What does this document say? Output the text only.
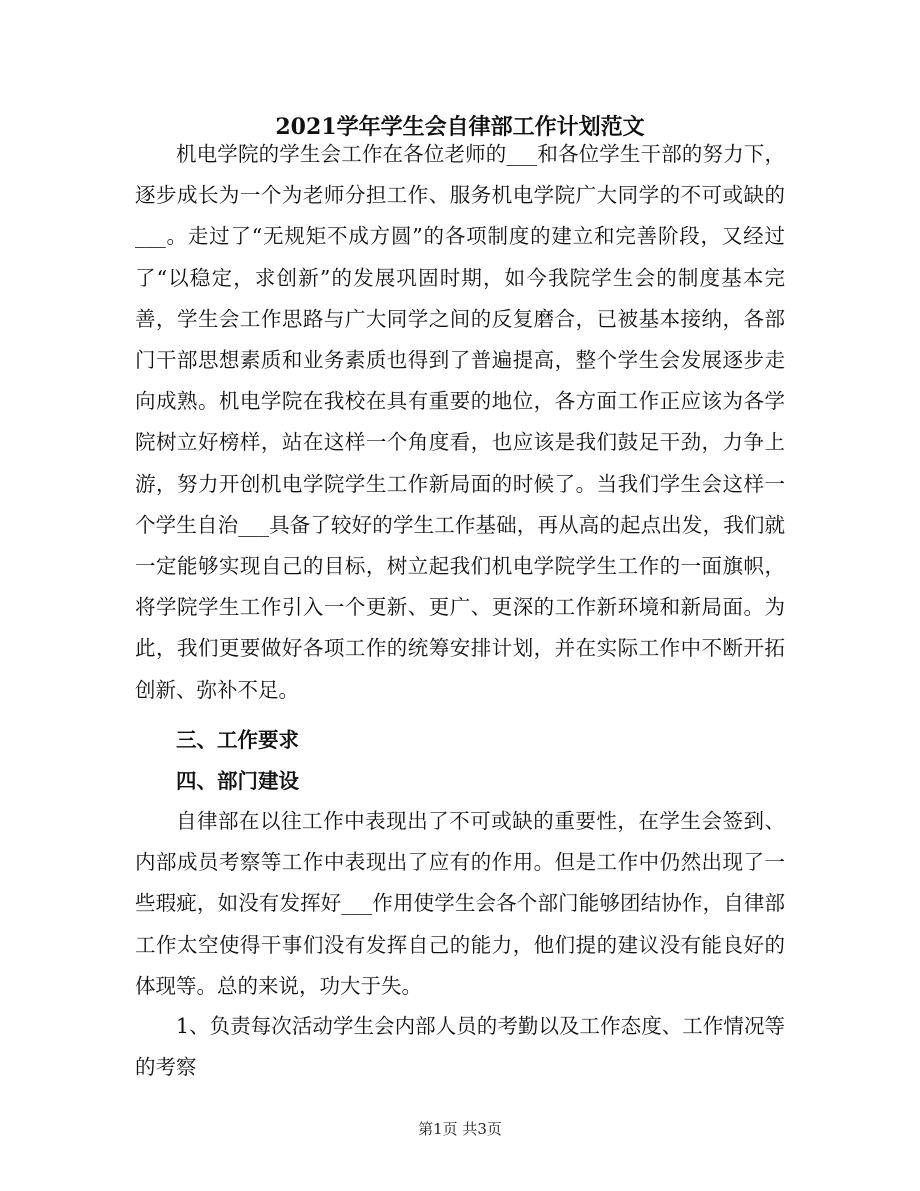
2021学年学生会自律部工作计划范文

机电学院的学生会工作在各位老师的___和各位学生干部的努力下，逐步成长为一个为老师分担工作、服务机电学院广大同学的不可或缺的___。走过了“无规矩不成方圆”的各项制度的建立和完善阶段，又经过了“以稳定，求创新”的发展巩固时期，如今我院学生会的制度基本完善，学生会工作思路与广大同学之间的反复磨合，已被基本接纳，各部门干部思想素质和业务素质也得到了普遍提高，整个学生会发展逐步走向成熟。机电学院在我校在具有重要的地位，各方面工作正应该为各学院树立好榜样，站在这样一个角度看，也应该是我们鼓足干劲，力争上游，努力开创机电学院学生工作新局面的时候了。当我们学生会这样一个学生自治___具备了较好的学生工作基础，再从高的起点出发，我们就一定能够实现自己的目标，树立起我们机电学院学生工作的一面旗帜，将学院学生工作引入一个更新、更广、更深的工作新环境和新局面。为此，我们更要做好各项工作的统筹安排计划，并在实际工作中不断开拓创新、弥补不足。

三、工作要求
四、部门建设

自律部在以往工作中表现出了不可或缺的重要性，在学生会签到、内部成员考察等工作中表现出了应有的作用。但是工作中仍然出现了一些瑕疵，如没有发挥好___作用使学生会各个部门能够团结协作，自律部工作太空使得干事们没有发挥自己的能力，他们提的建议没有能良好的体现等。总的来说，功大于失。

1、负责每次活动学生会内部人员的考勤以及工作态度、工作情况等的考察

第1页 共3页
